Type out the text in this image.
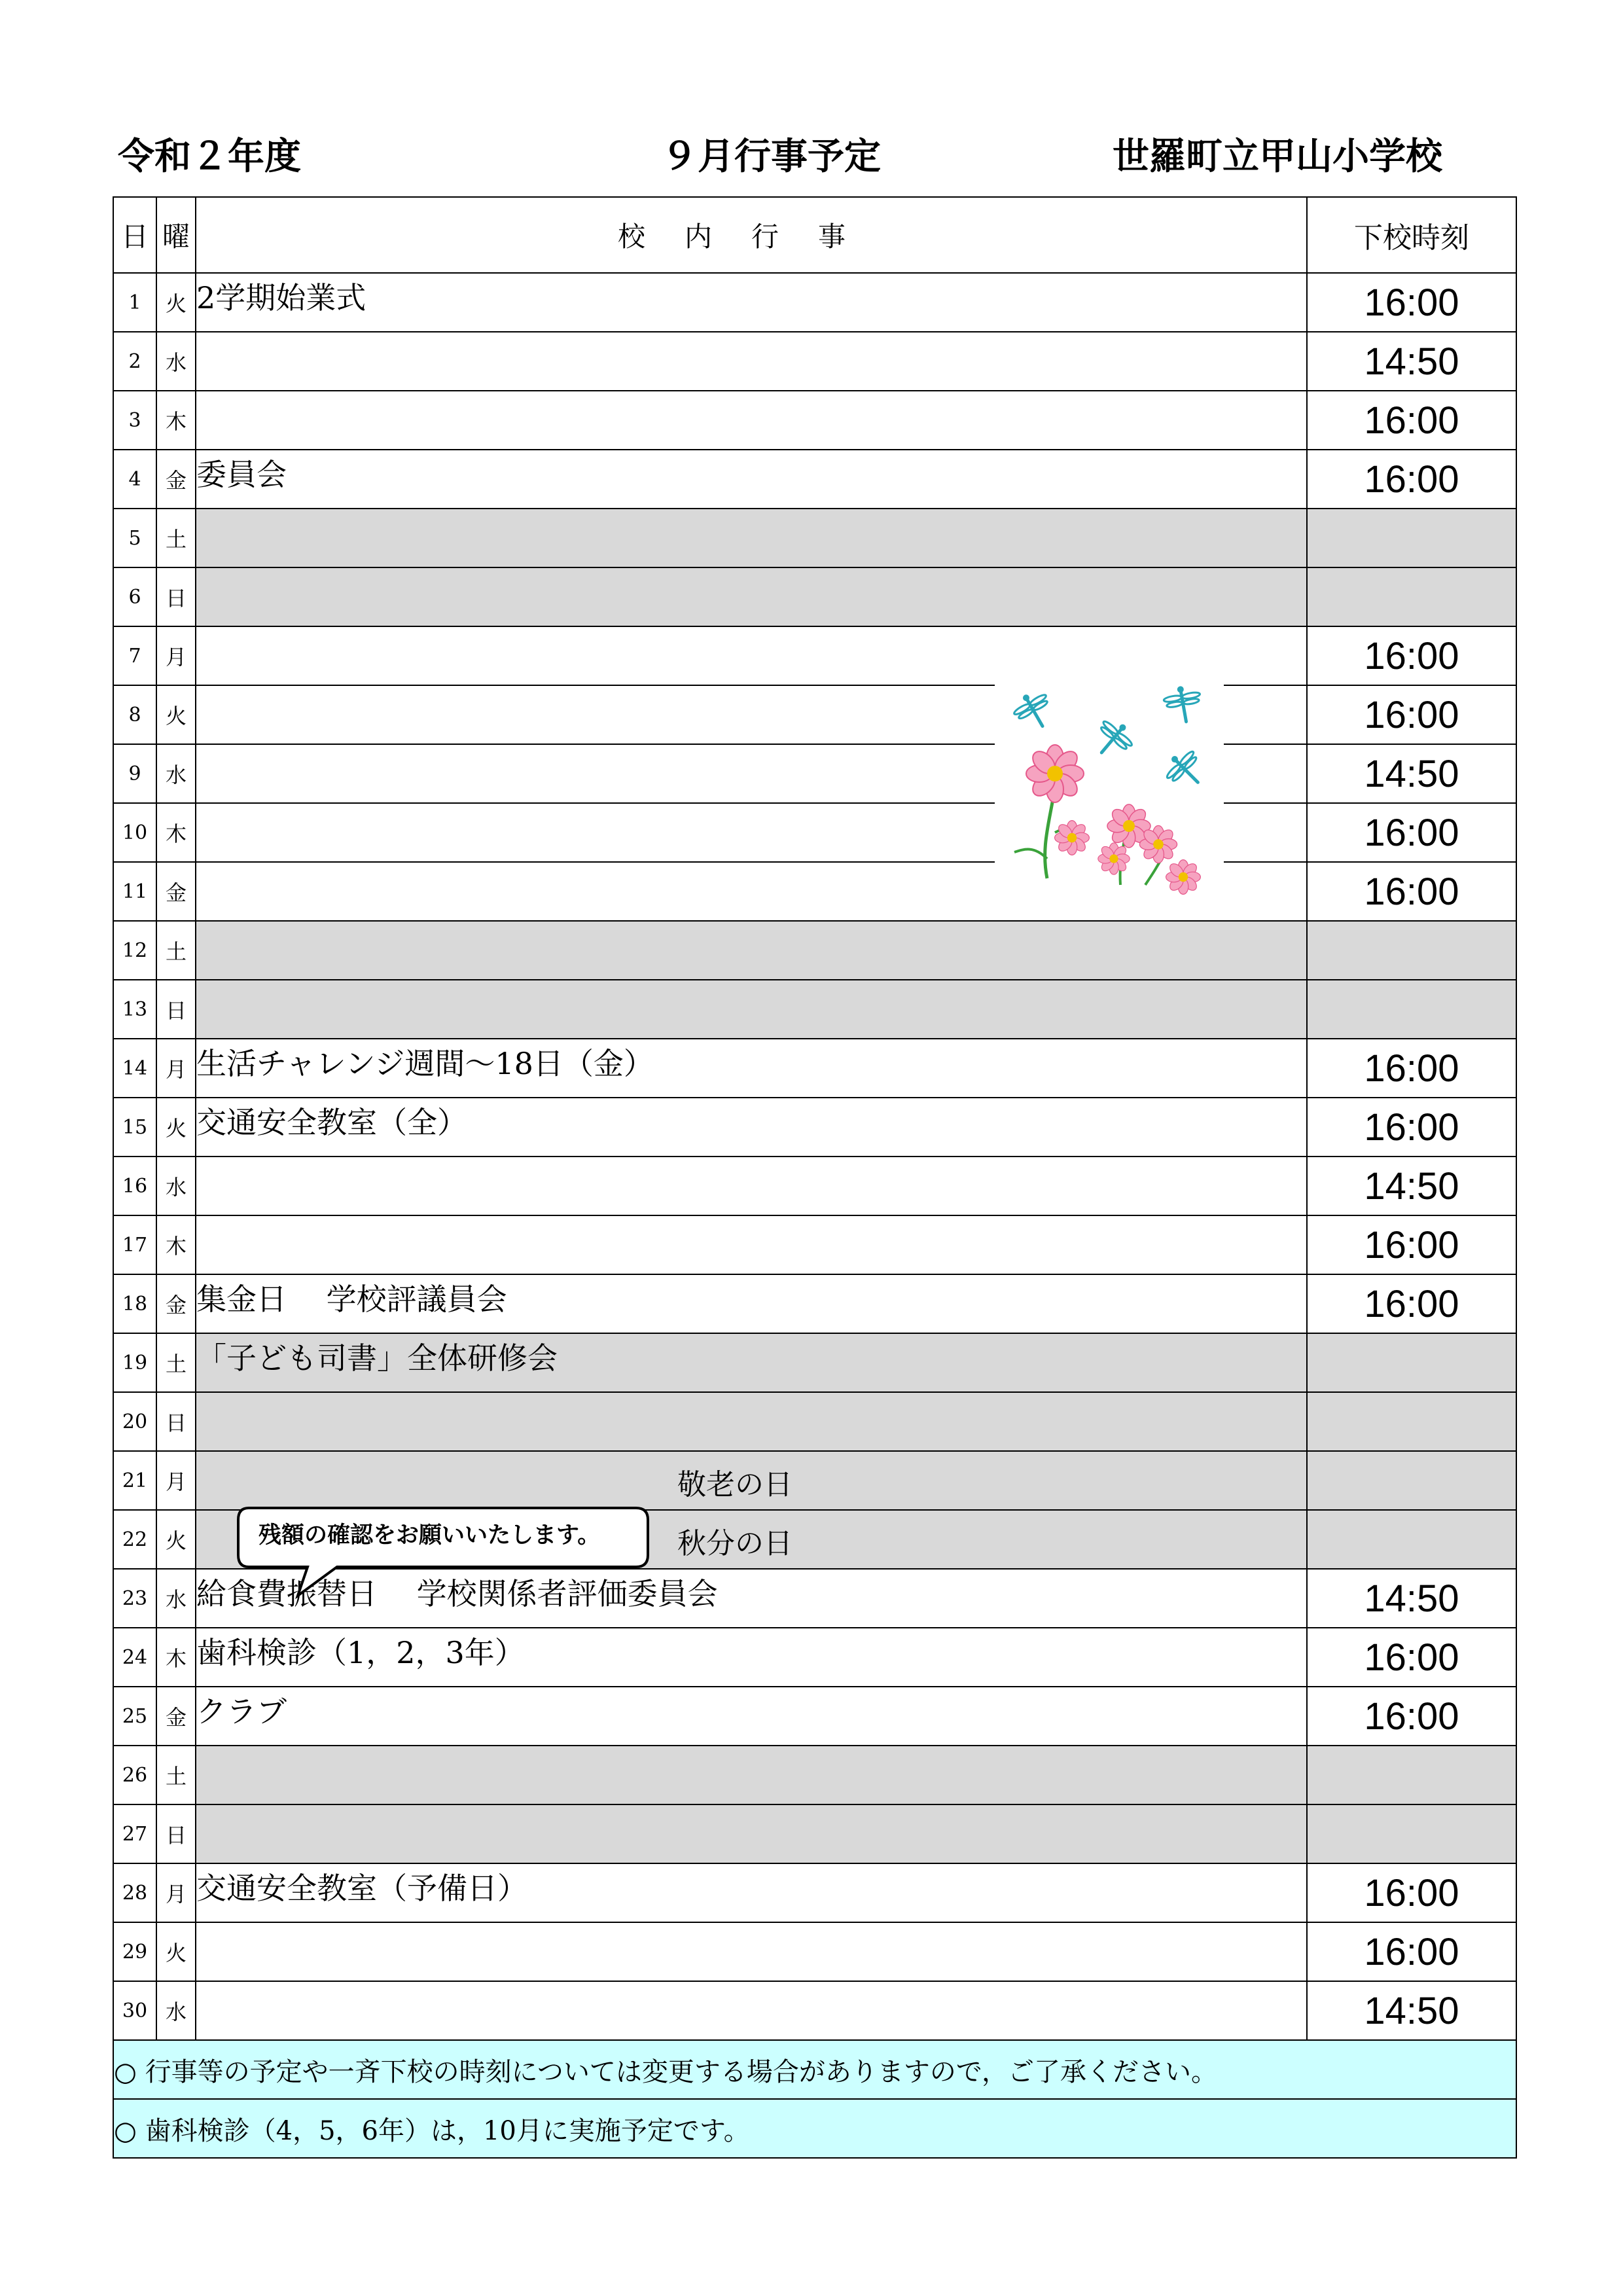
令和２年度	９月行事予定	世羅町立甲山小学校
日	曜	校内行事	下校時刻
1	火	2学期始業式	16:00
2	水		14:50
3	木		16:00
4	金	委員会	16:00
5	土		
6	日		
7	月		16:00
8	火		16:00
9	水		14:50
10	木		16:00
11	金		16:00
12	土		
13	日		
14	月	生活チャレンジ週間～18日（金）	16:00
15	火	交通安全教室（全）	16:00
16	水		14:50
17	木		16:00
18	金	集金日　 学校評議員会	16:00
19	土	「子ども司書」全体研修会	
20	日		
21	月	敬老の日	

22	火	秋分の日	

23	水	給食費振替日　 学校関係者評価委員会	14:50
24	木	歯科検診（1，2，3年）	16:00
25	金	クラブ	16:00
26	土		
27	日		
28	月	交通安全教室（予備日）	16:00
29	火		16:00
30	水		14:50
○ 行事等の予定や一斉下校の時刻については変更する場合がありますので，ご了承ください。			
○ 歯科検診（4，5，6年）は，10月に実施予定です。			
残額の確認をお願いいたします。
